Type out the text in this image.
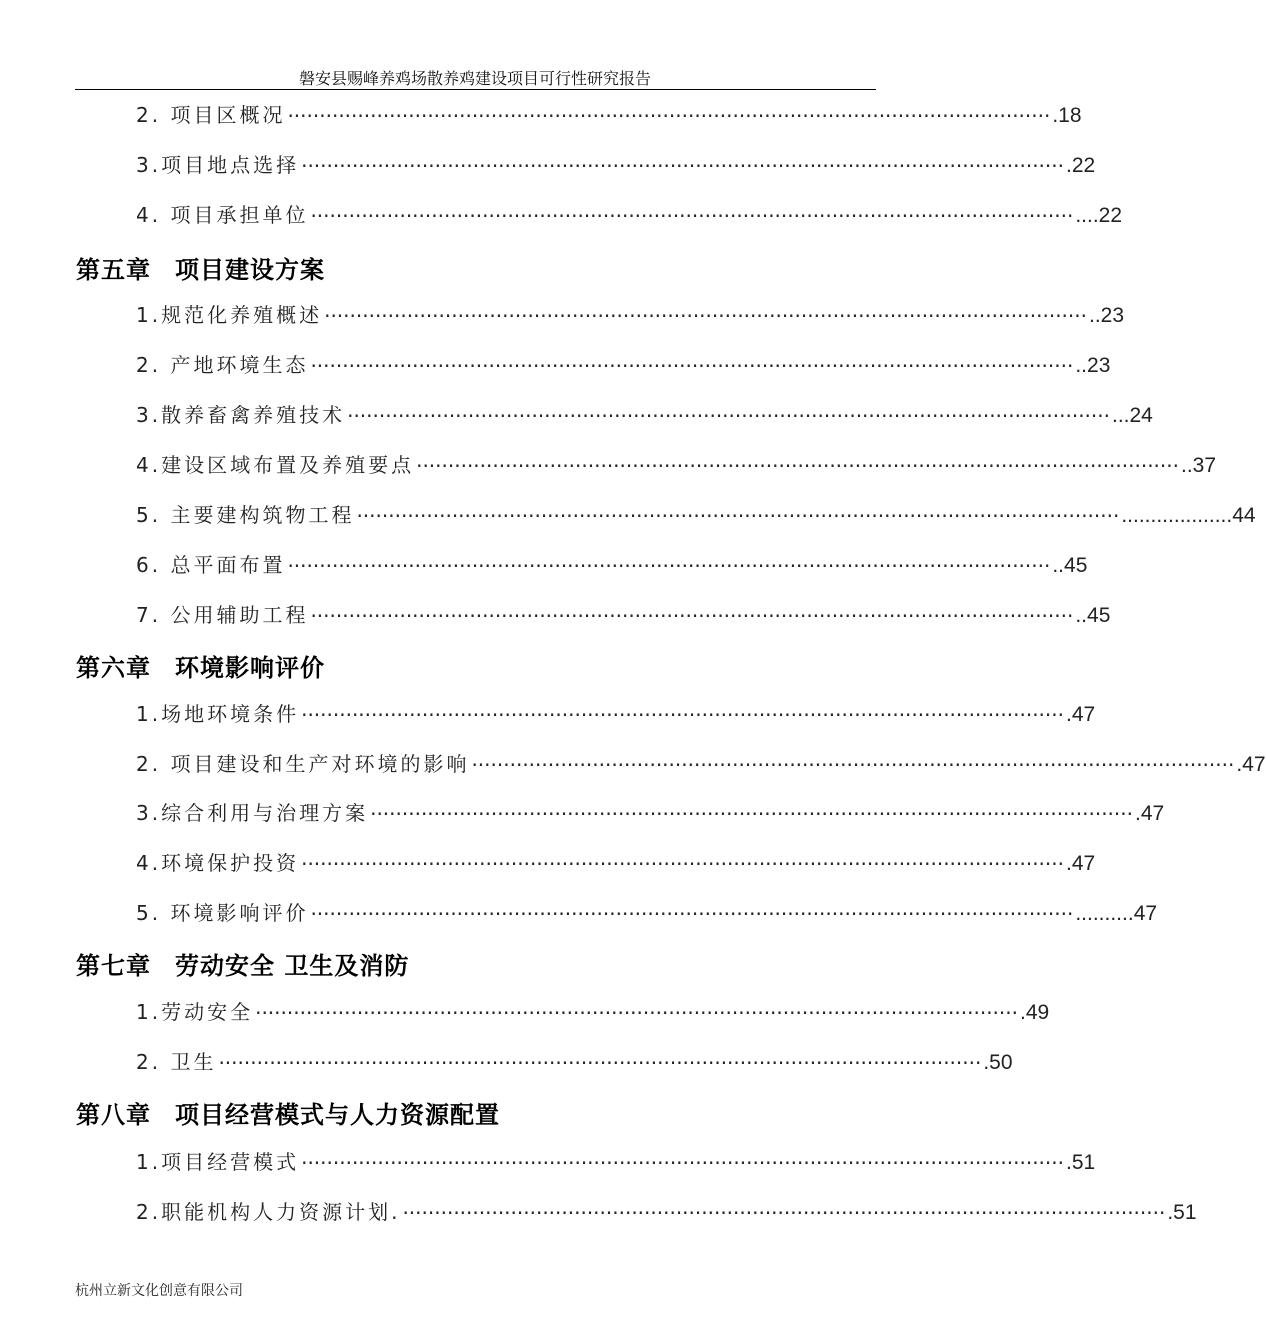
磐安县赐峰养鸡场散养鸡建设项目可行性研究报告
2. 项目区概况 ························································································································ .18
3.项目地点选择 ························································································································ .22
4. 项目承担单位 ························································································································ ....22
第五章 项目建设方案
1.规范化养殖概述 ························································································································ ..23
2. 产地环境生态 ························································································································ ..23
3.散养畜禽养殖技术 ························································································································ ...24
4.建设区域布置及养殖要点 ························································································································ ..37
5. 主要建构筑物工程 ························································································································ ...................44
6. 总平面布置 ························································································································ ..45
7. 公用辅助工程 ························································································································ ..45
第六章 环境影响评价
1.场地环境条件 ························································································································ .47
2. 项目建设和生产对环境的影响 ························································································································ .47
3.综合利用与治理方案 ························································································································ .47
4.环境保护投资 ························································································································ .47
5. 环境影响评价 ························································································································ ..........47
第七章 劳动安全 卫生及消防
1.劳动安全 ························································································································ .49
2. 卫生 ························································································································ .50
第八章 项目经营模式与人力资源配置
1.项目经营模式 ························································································································ .51
2.职能机构人力资源计划. ························································································································ .51
杭州立新文化创意有限公司
